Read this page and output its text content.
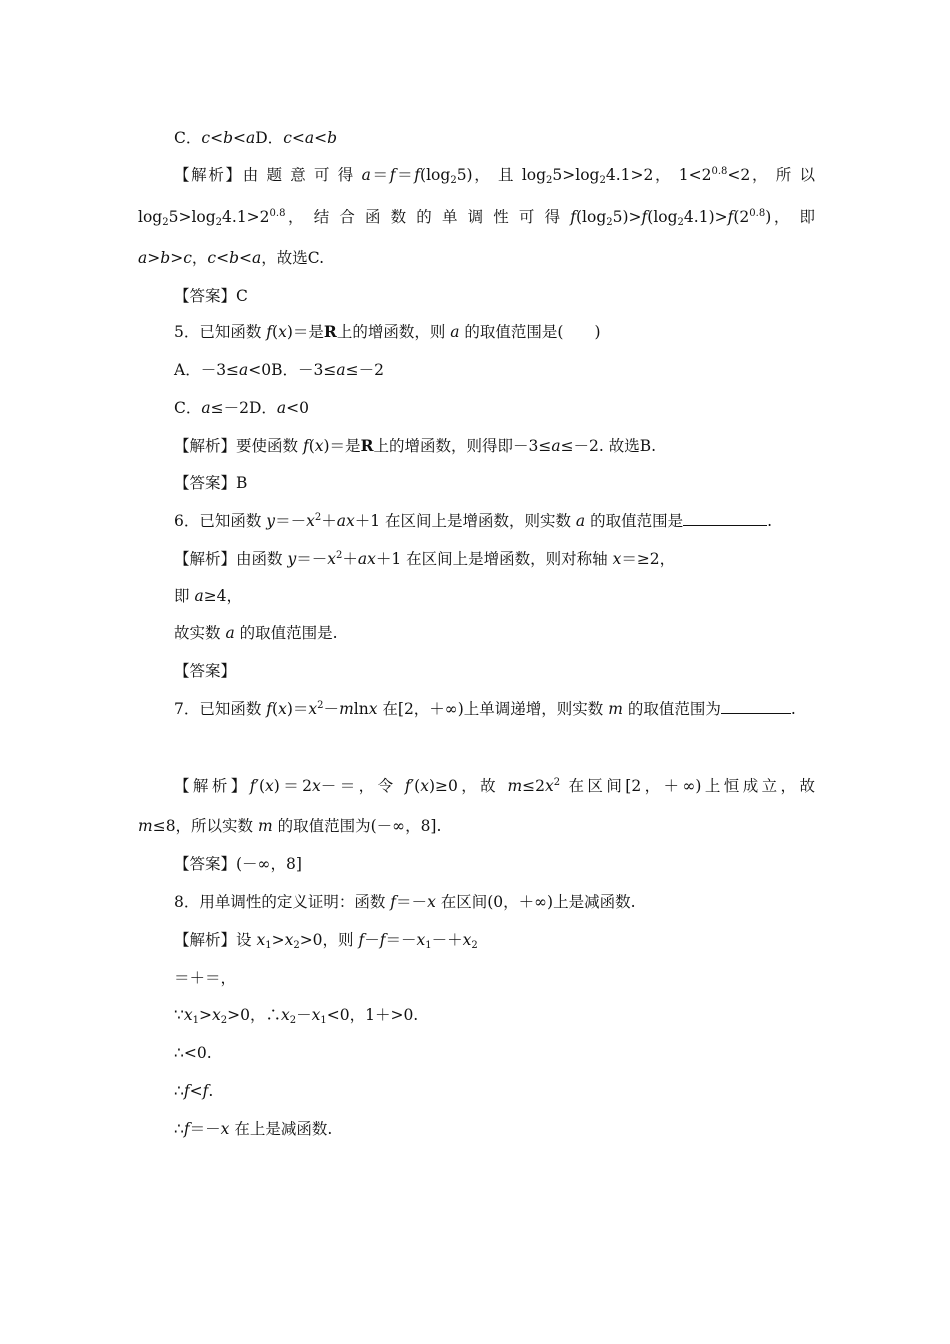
C．c<b<aD．c<a<b
【解析】由 题 意 可 得 $a=f=f(\log_25)$， 且 $\log_25>\log_24.1>2$， $1<2^{0.8}<2$， 所 以
$\log_25>\log_24.1>2^{0.8}$， 结 合 函 数 的 单 调 性 可 得 $f(\log_25)>f(\log_24.1)>f(2^{0.8})$， 即
a>b>c，c<b<a，故选C.
【答案】C
5．已知函数 f(x)＝是R上的增函数，则 a 的取值范围是(　　)
A．－3≤a<0B．－3≤a≤－2
C．a≤－2D．a<0
【解析】要使函数 f(x)＝是R上的增函数，则得即－3≤a≤－2. 故选B.
【答案】B
6．已知函数 $y=-x^2+ax+1$ 在区间上是增函数，则实数 a 的取值范围是	.
【解析】由函数 $y=-x^2+ax+1$ 在区间上是增函数，则对称轴 x＝≥2，
即 a≥4，
故实数 a 的取值范围是.
【答案】
7．已知函数 $f(x)=x^2-mlnx$ 在[2，＋∞)上单调递增，则实数 m 的取值范围为	.
【解析】f′(x)＝2x－＝，令 f′(x)≥0，故 $m\le 2x^2$ 在区间[2，＋∞)上恒成立，故
m≤8，所以实数 m 的取值范围为(－∞，8].
【答案】(－∞，8]
8．用单调性的定义证明：函数 f＝－x 在区间(0，＋∞)上是减函数.
【解析】设 $x_1>x_2>0$，则 $f-f=-x_1-+x_2$
＝＋＝，
$\because x_1>x_2>0$，$\therefore x_2-x_1<0$，1＋>0.
∴<0.
∴f<f.
∴f＝－x 在上是减函数.
